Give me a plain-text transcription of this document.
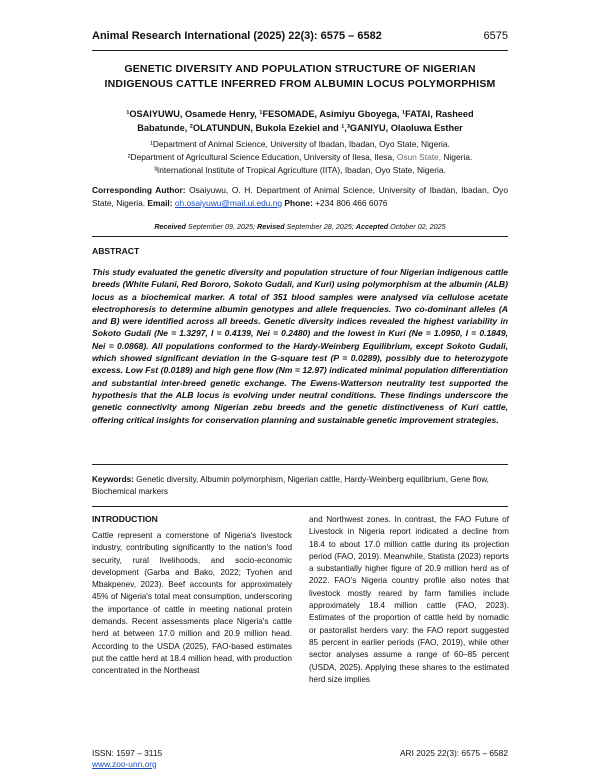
Animal Research International (2025) 22(3): 6575 – 6582	6575
GENETIC DIVERSITY AND POPULATION STRUCTURE OF NIGERIAN
INDIGENOUS CATTLE INFERRED FROM ALBUMIN LOCUS POLYMORPHISM
¹OSAIYUWU, Osamede Henry, ¹FESOMADE, Asimiyu Gboyega, ¹FATAI, Rasheed
Babatunde, ²OLATUNDUN, Bukola Ezekiel and ¹,³GANIYU, Olaoluwa Esther
¹Department of Animal Science, University of Ibadan, Ibadan, Oyo State, Nigeria.
²Department of Agricultural Science Education, University of Ilesa, Ilesa, Osun State, Nigeria.
³International Institute of Tropical Agriculture (IITA), Ibadan, Oyo State, Nigeria.
Corresponding Author: Osaiyuwu, O. H. Department of Animal Science, University of Ibadan, Ibadan, Oyo State, Nigeria. Email: oh.osaiyuwu@mail.ui.edu.ng Phone: +234 806 466 6076
Received September 09, 2025; Revised September 28, 2025; Accepted October 02, 2025
ABSTRACT
This study evaluated the genetic diversity and population structure of four Nigerian indigenous cattle breeds (White Fulani, Red Bororo, Sokoto Gudali, and Kuri) using polymorphism at the albumin (ALB) locus as a biochemical marker. A total of 351 blood samples were analysed via cellulose acetate electrophoresis to determine albumin genotypes and allele frequencies. Two co-dominant alleles (A and B) were identified across all breeds. Genetic diversity indices revealed the highest variability in Sokoto Gudali (Ne = 1.3297, I = 0.4139, Nei = 0.2480) and the lowest in Kuri (Ne = 1.0950, I = 0.1849, Nei = 0.0868). All populations conformed to the Hardy-Weinberg Equilibrium, except Sokoto Gudali, which showed significant deviation in the G-square test (P = 0.0289), possibly due to heterozygote excess. Low Fst (0.0189) and high gene flow (Nm = 12.97) indicated minimal population differentiation and substantial inter-breed genetic exchange. The Ewens-Watterson neutrality test supported the hypothesis that the ALB locus is evolving under neutral conditions. These findings underscore the genetic connectivity among Nigerian zebu breeds and the genetic distinctiveness of Kuri cattle, offering critical insights for conservation planning and sustainable genetic improvement strategies.
Keywords: Genetic diversity, Albumin polymorphism, Nigerian cattle, Hardy-Weinberg equilibrium, Gene flow, Biochemical markers
INTRODUCTION

Cattle represent a cornerstone of Nigeria's livestock industry, contributing significantly to the nation's food security, rural livelihoods, and socio-economic development (Garba and Bako, 2022; Tyohen and Mbakpenev, 2023). Beef accounts for approximately 45% of Nigeria's total meat consumption, underscoring the importance of cattle in meeting national protein demands. Recent assessments place Nigeria's cattle herd at between 17.0 million and 20.9 million head. According to the USDA (2025), FAO-based estimates put the cattle herd at 18.4 million head, with production concentrated in the Northeast

and Northwest zones. In contrast, the FAO Future of Livestock in Nigeria report indicated a decline from 18.4 to about 17.0 million cattle during its projection period (FAO, 2019). Meanwhile, Statista (2023) reports a substantially higher figure of 20.9 million herd as of 2022. FAO's Nigeria country profile also notes that livestock mostly reared by farm families include approximately 18.4 million cattle (FAO, 2023). Estimates of the proportion of cattle held by nomadic or pastoralist herders vary: the FAO report suggested 85 percent in earlier periods (FAO, 2019), while other sector analyses assume a range of 60–85 percent (USDA, 2025). Applying these shares to the estimated herd size implies

ISSN: 1597 – 3115	ARI 2025 22(3): 6575 – 6582
www.zoo-unn.org
